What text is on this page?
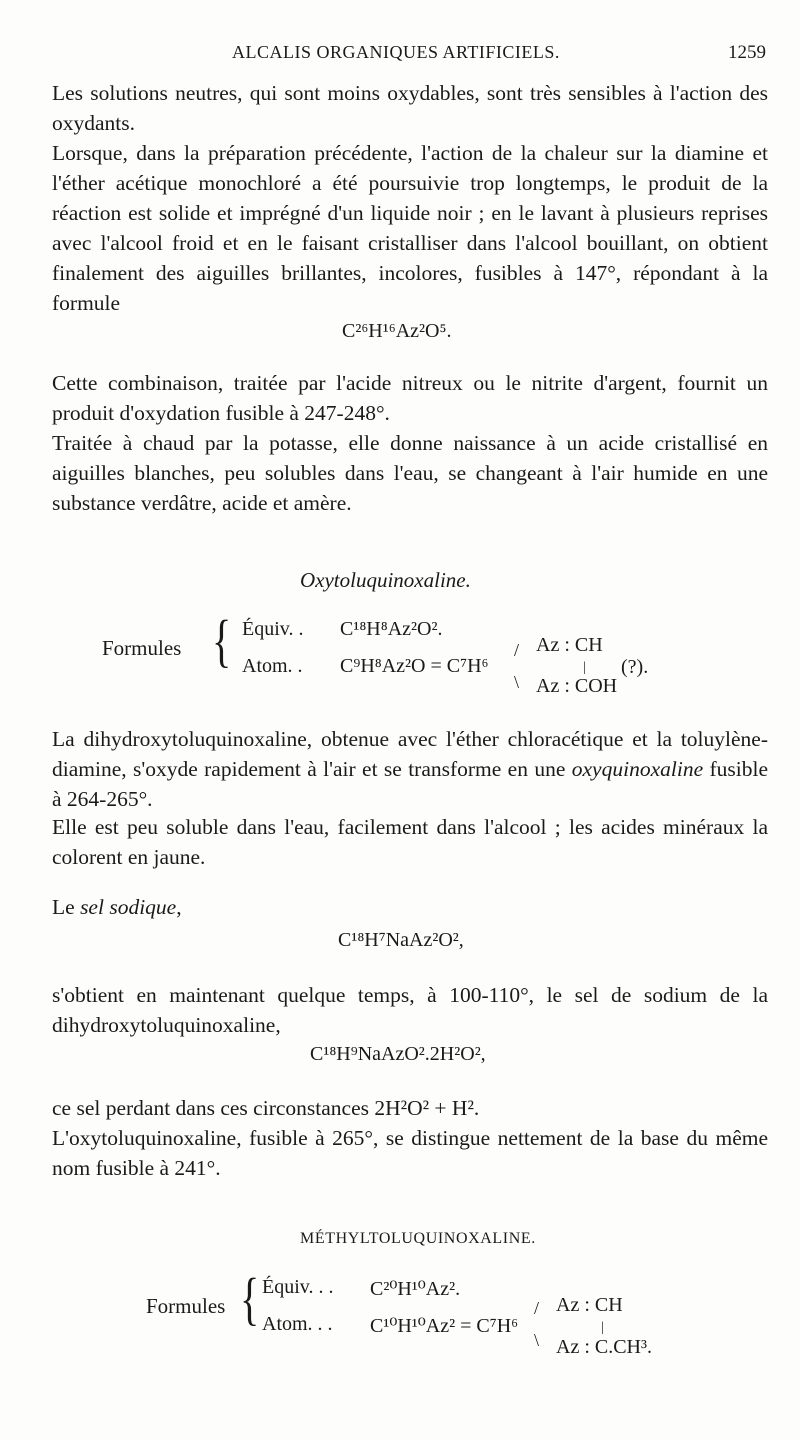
ALCALIS ORGANIQUES ARTIFICIELS.	1259

Les solutions neutres, qui sont moins oxydables, sont très sensibles à l'action des oxydants.

Lorsque, dans la préparation précédente, l'action de la chaleur sur la diamine et l'éther acétique monochloré a été poursuivie trop longtemps, le produit de la réaction est solide et imprégné d'un liquide noir ; en le lavant à plusieurs reprises avec l'alcool froid et en le faisant cristalliser dans l'alcool bouillant, on obtient finalement des aiguilles brillantes, incolores, fusibles à 147°, répondant à la formule

C²⁶H¹⁶Az²O⁵.

Cette combinaison, traitée par l'acide nitreux ou le nitrite d'argent, fournit un produit d'oxydation fusible à 247-248°.

Traitée à chaud par la potasse, elle donne naissance à un acide cristallisé en aiguilles blanches, peu solubles dans l'eau, se changeant à l'air humide en une substance verdâtre, acide et amère.

Oxytoluquinoxaline.
Formules { Équiv. . C¹⁸H⁸Az²O².
Atom. . C⁹H⁸Az²O = C⁷H⁶
/
\
Az : CH
|
Az : COH
(?).

La dihydroxytoluquinoxaline, obtenue avec l'éther chloracétique et la toluylène-diamine, s'oxyde rapidement à l'air et se transforme en une oxyquinoxaline fusible à 264-265°.

Elle est peu soluble dans l'eau, facilement dans l'alcool ; les acides minéraux la colorent en jaune.

Le sel sodique,

C¹⁸H⁷NaAz²O²,

s'obtient en maintenant quelque temps, à 100-110°, le sel de sodium de la dihydroxytoluquinoxaline,

C¹⁸H⁹NaAzO².2H²O²,

ce sel perdant dans ces circonstances 2H²O² + H².

L'oxytoluquinoxaline, fusible à 265°, se distingue nettement de la base du même nom fusible à 241°.

MÉTHYLTOLUQUINOXALINE.
Formules { Équiv. . . C²⁰H¹⁰Az².
Atom. . . C¹⁰H¹⁰Az² = C⁷H⁶
/
\
Az : CH
|
Az : C.CH³.
